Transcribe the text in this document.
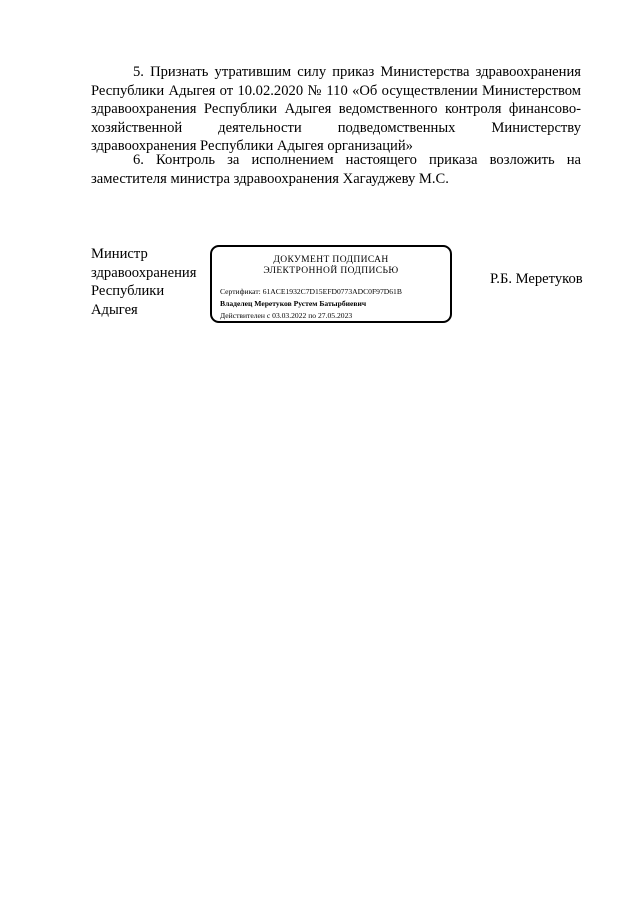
5. Признать утратившим силу приказ Министерства здравоохранения Республики Адыгея от 10.02.2020 № 110 «Об осуществлении Министерством здравоохранения Республики Адыгея ведомственного контроля финансово-хозяйственной деятельности подведомственных Министерству здравоохранения Республики Адыгея организаций»
6. Контроль за исполнением настоящего приказа возложить на заместителя министра здравоохранения Хагауджеву М.С.
Министр
здравоохранения
Республики
Адыгея
ДОКУМЕНТ ПОДПИСАН
ЭЛЕКТРОННОЙ ПОДПИСЬЮ
Сертификат: 61ACE1932C7D15EFD0773ADC0F97D61B
Владелец Меретуков Рустем Батырбиевич
Действителен с 03.03.2022 по 27.05.2023
Р.Б. Меретуков
